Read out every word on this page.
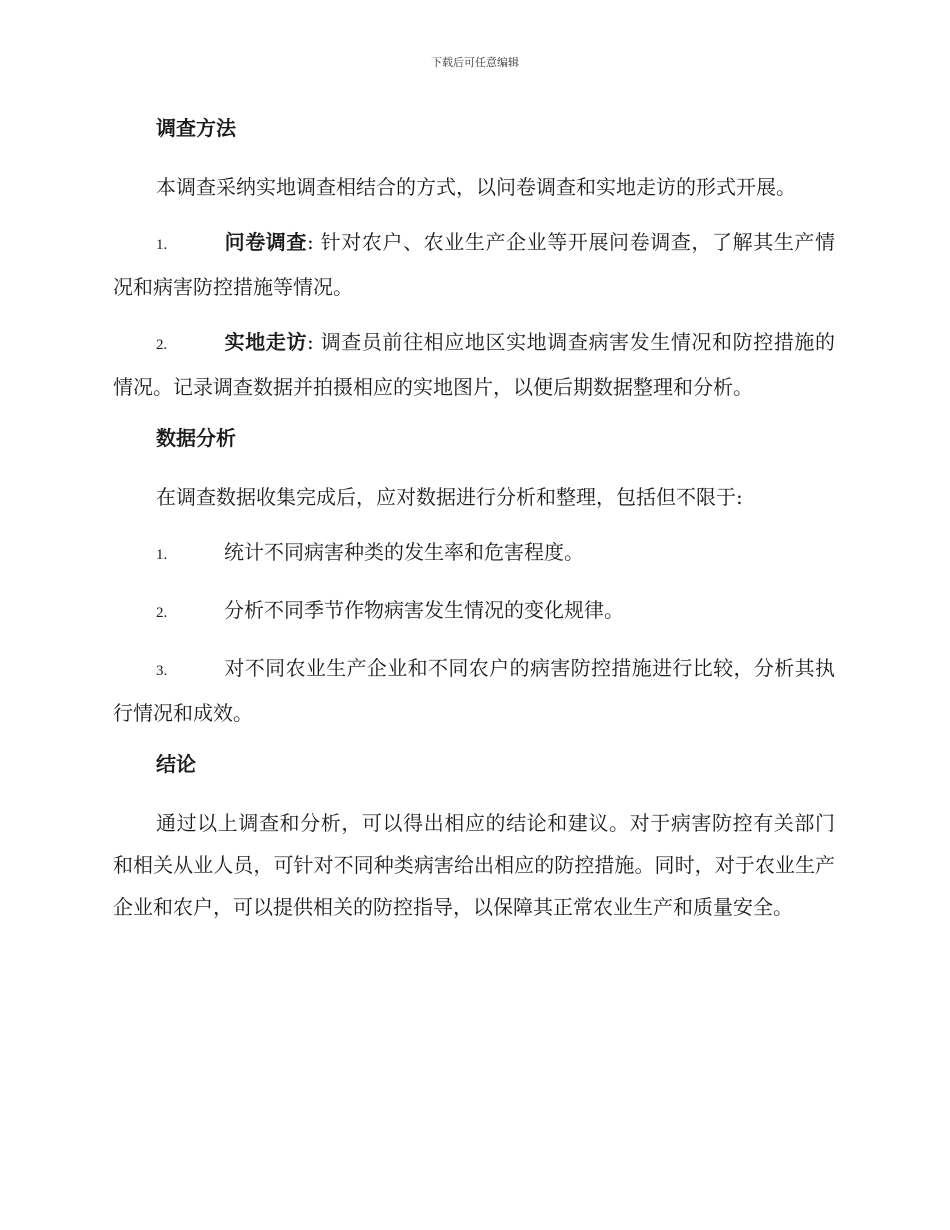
下载后可任意编辑
调查方法

本调查采纳实地调查相结合的方式，以问卷调查和实地走访的形式开展。

1.	问卷调查: 针对农户、农业生产企业等开展问卷调查，了解其生产情况和病害防控措施等情况。

2.	实地走访: 调查员前往相应地区实地调查病害发生情况和防控措施的情况。记录调查数据并拍摄相应的实地图片，以便后期数据整理和分析。

数据分析

在调查数据收集完成后，应对数据进行分析和整理，包括但不限于:

1.	统计不同病害种类的发生率和危害程度。

2.	分析不同季节作物病害发生情况的变化规律。

3.	对不同农业生产企业和不同农户的病害防控措施进行比较，分析其执行情况和成效。

结论

通过以上调查和分析，可以得出相应的结论和建议。对于病害防控有关部门和相关从业人员，可针对不同种类病害给出相应的防控措施。同时，对于农业生产企业和农户，可以提供相关的防控指导，以保障其正常农业生产和质量安全。
